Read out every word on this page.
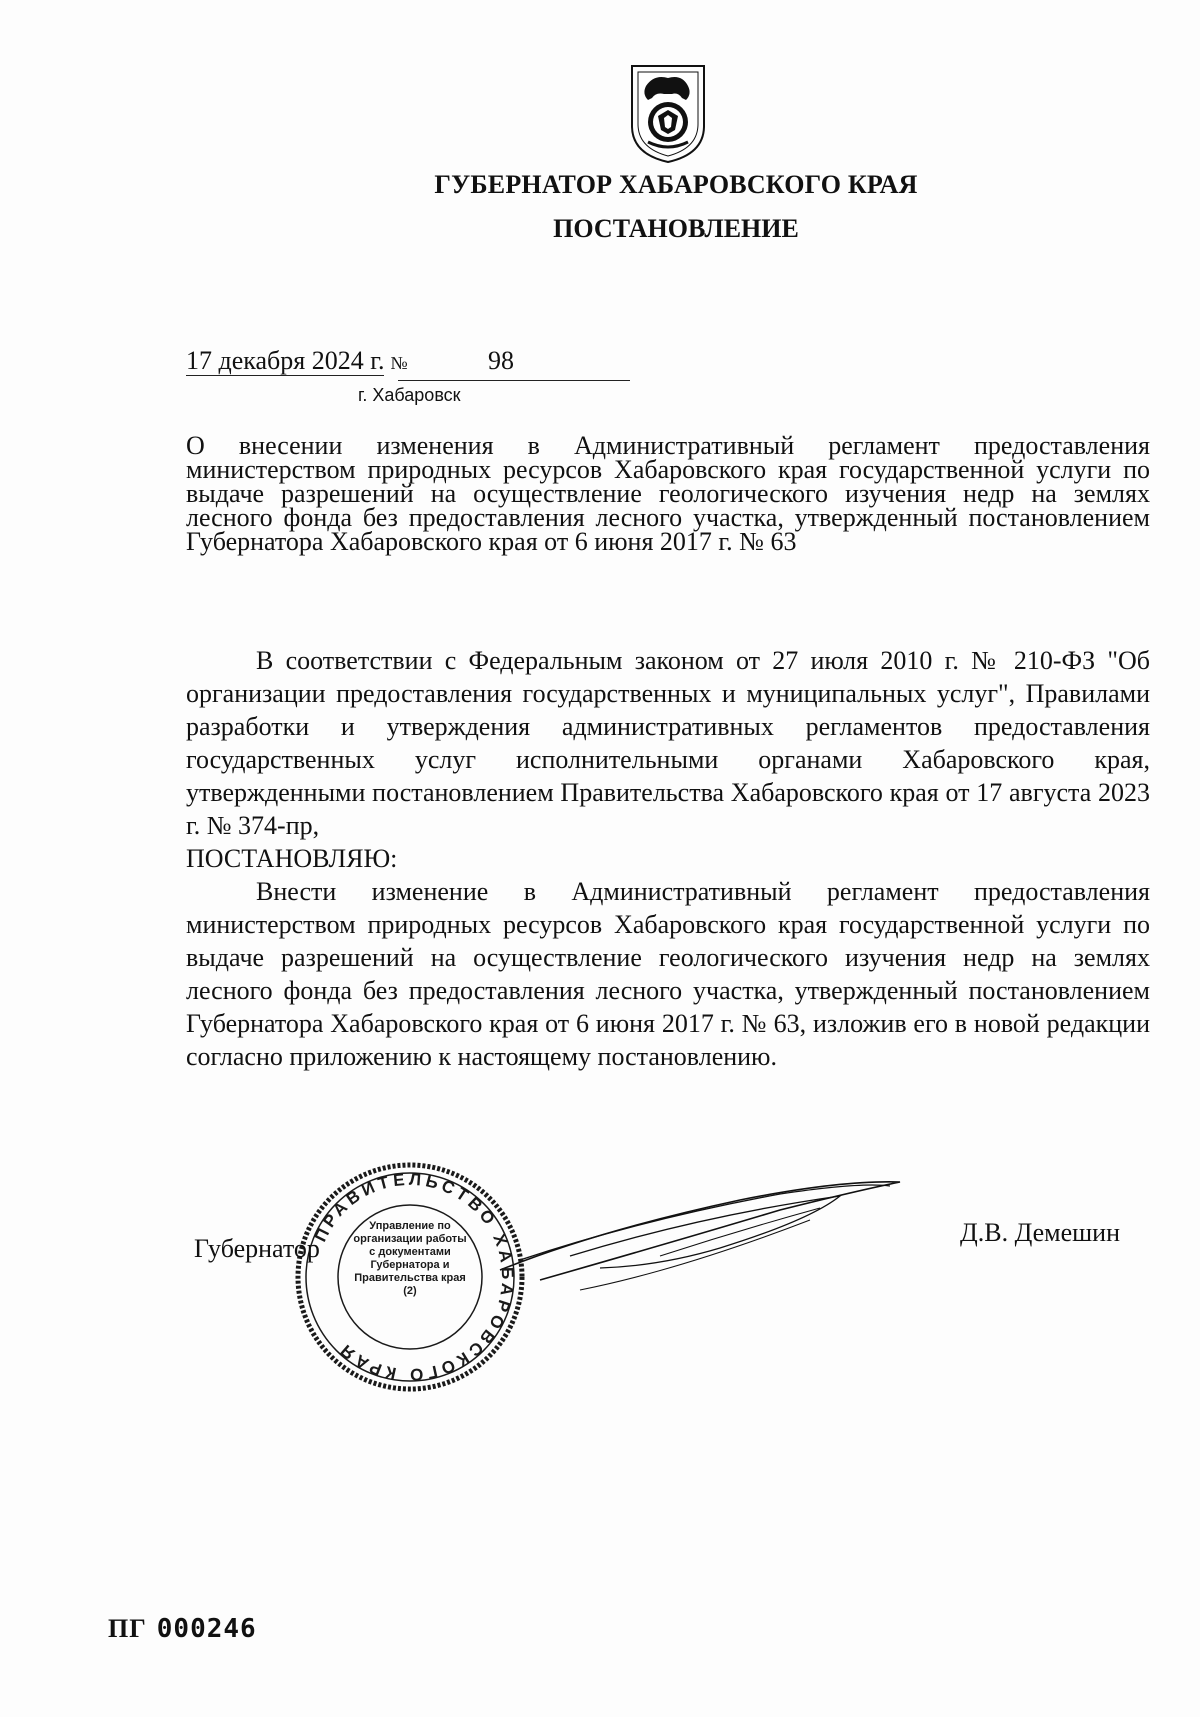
ГУБЕРНАТОР ХАБАРОВСКОГО КРАЯ
ПОСТАНОВЛЕНИЕ
17 декабря 2024 г. №	98
г. Хабаровск
О внесении изменения в Административный регламент предоставления министерством природных ресурсов Хабаровского края государственной услуги по выдаче разрешений на осуществление геологического изучения недр на землях лесного фонда без предоставления лесного участка, утвержденный постановлением Губернатора Хабаровского края от 6 июня 2017 г. № 63

В соответствии с Федеральным законом от 27 июля 2010 г. № 210-ФЗ "Об организации предоставления государственных и муниципальных услуг", Правилами разработки и утверждения административных регламентов предоставления государственных услуг исполнительными органами Хабаровского края, утвержденными постановлением Правительства Хабаровского края от 17 августа 2023 г. № 374-пр,

ПОСТАНОВЛЯЮ:

Внести изменение в Административный регламент предоставления министерством природных ресурсов Хабаровского края государственной услуги по выдаче разрешений на осуществление геологического изучения недр на землях лесного фонда без предоставления лесного участка, утвержденный постановлением Губернатора Хабаровского края от 6 июня 2017 г. № 63, изложив его в новой редакции согласно приложению к настоящему постановлению.

ПРАВИТЕЛЬСТВО ХАБАРОВСКОГО КРАЯ
Управление по организации работы с документами Губернатора и Правительства края (2)
Губернатор
Д.В. Демешин
ПГ 000246
